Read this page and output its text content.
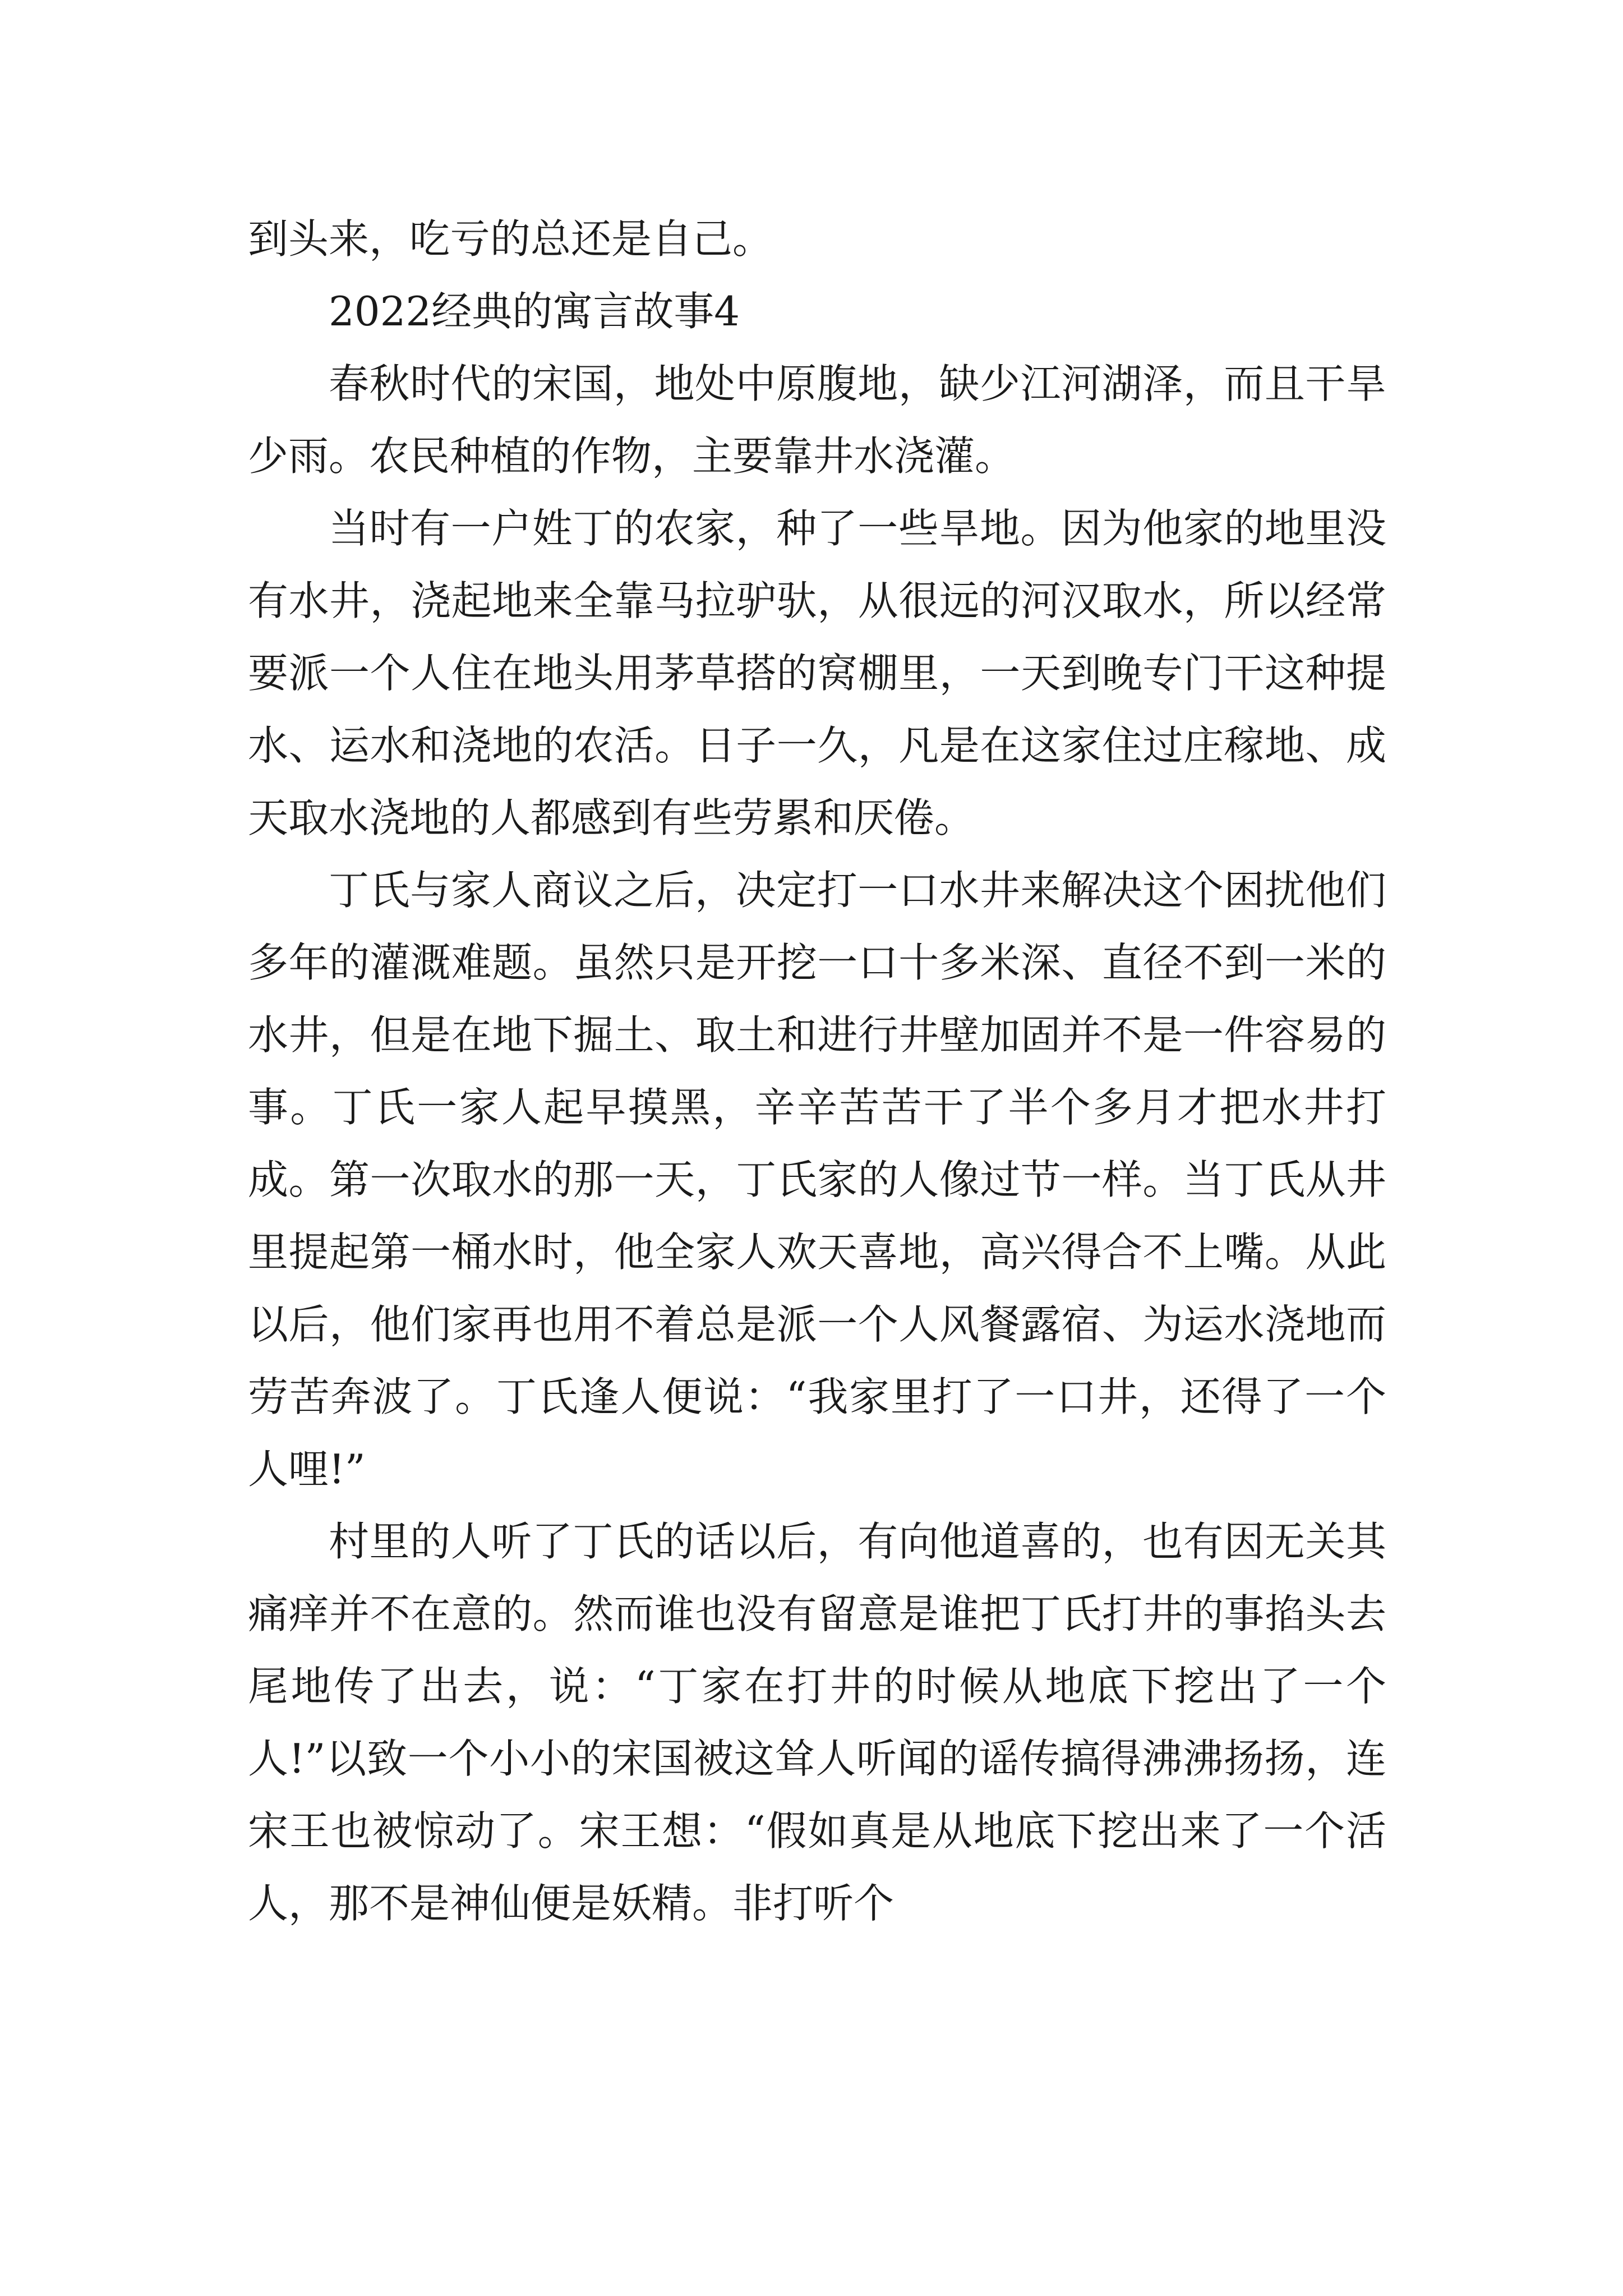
到头来，吃亏的总还是自己。

2022经典的寓言故事4

春秋时代的宋国，地处中原腹地，缺少江河湖泽，而且干旱少雨。农民种植的作物，主要靠井水浇灌。

当时有一户姓丁的农家，种了一些旱地。因为他家的地里没有水井，浇起地来全靠马拉驴驮，从很远的河汉取水，所以经常要派一个人住在地头用茅草搭的窝棚里，一天到晚专门干这种提水、运水和浇地的农活。日子一久，凡是在这家住过庄稼地、成天取水浇地的人都感到有些劳累和厌倦。

丁氏与家人商议之后，决定打一口水井来解决这个困扰他们多年的灌溉难题。虽然只是开挖一口十多米深、直径不到一米的水井，但是在地下掘土、取土和进行井壁加固并不是一件容易的事。丁氏一家人起早摸黑，辛辛苦苦干了半个多月才把水井打成。第一次取水的那一天，丁氏家的人像过节一样。当丁氏从井里提起第一桶水时，他全家人欢天喜地，高兴得合不上嘴。从此以后，他们家再也用不着总是派一个人风餐露宿、为运水浇地而劳苦奔波了。丁氏逢人便说：“我家里打了一口井，还得了一个人哩!”

村里的人听了丁氏的话以后，有向他道喜的，也有因无关其痛痒并不在意的。然而谁也没有留意是谁把丁氏打井的事掐头去尾地传了出去，说：“丁家在打井的时候从地底下挖出了一个人!”以致一个小小的宋国被这耸人听闻的谣传搞得沸沸扬扬，连宋王也被惊动了。宋王想：“假如真是从地底下挖出来了一个活人，那不是神仙便是妖精。非打听个
